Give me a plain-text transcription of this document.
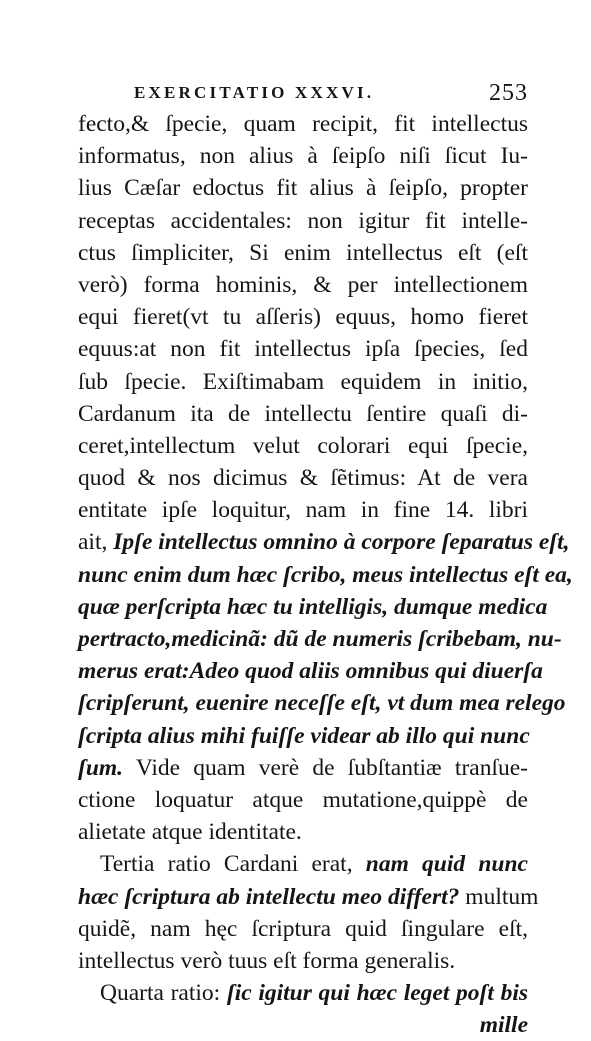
EXERCITATIO XXXVI.	253
fecto,& ſpecie, quam recipit, fit intellectus
informatus, non alius à ſeipſo niſi ſicut Iu-
lius Cæſar edoctus fit alius à ſeipſo, propter
receptas accidentales: non igitur fit intelle-
ctus ſimpliciter, Si enim intellectus eſt (eſt
verò) forma hominis, & per intellectionem
equi fieret(vt tu aſſeris) equus, homo fieret
equus:at non fit intellectus ipſa ſpecies, ſed
ſub ſpecie. Exiſtimabam equidem in initio,
Cardanum ita de intellectu ſentire quaſi di-
ceret,intellectum velut colorari equi ſpecie,
quod & nos dicimus & ſẽtimus: At de vera
entitate ipſe loquitur, nam in fine 14. libri
ait, Ipſe intellectus omnino à corpore ſeparatus eſt,
nunc enim dum hæc ſcribo, meus intellectus eſt ea,
quæ perſcripta hæc tu intelligis, dumque medica
pertracto,medicinã: dũ de numeris ſcribebam, nu-
merus erat:Adeo quod aliis omnibus qui diuerſa
ſcripſerunt, euenire neceſſe eſt, vt dum mea relego
ſcripta alius mihi fuiſſe videar ab illo qui nunc
ſum. Vide quam verè de ſubſtantiæ tranſue-
ctione loquatur atque mutatione,quippè de
alietate atque identitate.
Tertia ratio Cardani erat, nam quid nunc
hæc ſcriptura ab intellectu meo differt? multum
quidẽ, nam hęc ſcriptura quid ſingulare eſt,
intellectus verò tuus eſt forma generalis.
Quarta ratio: ſic igitur qui hæc leget poſt bis
mille
